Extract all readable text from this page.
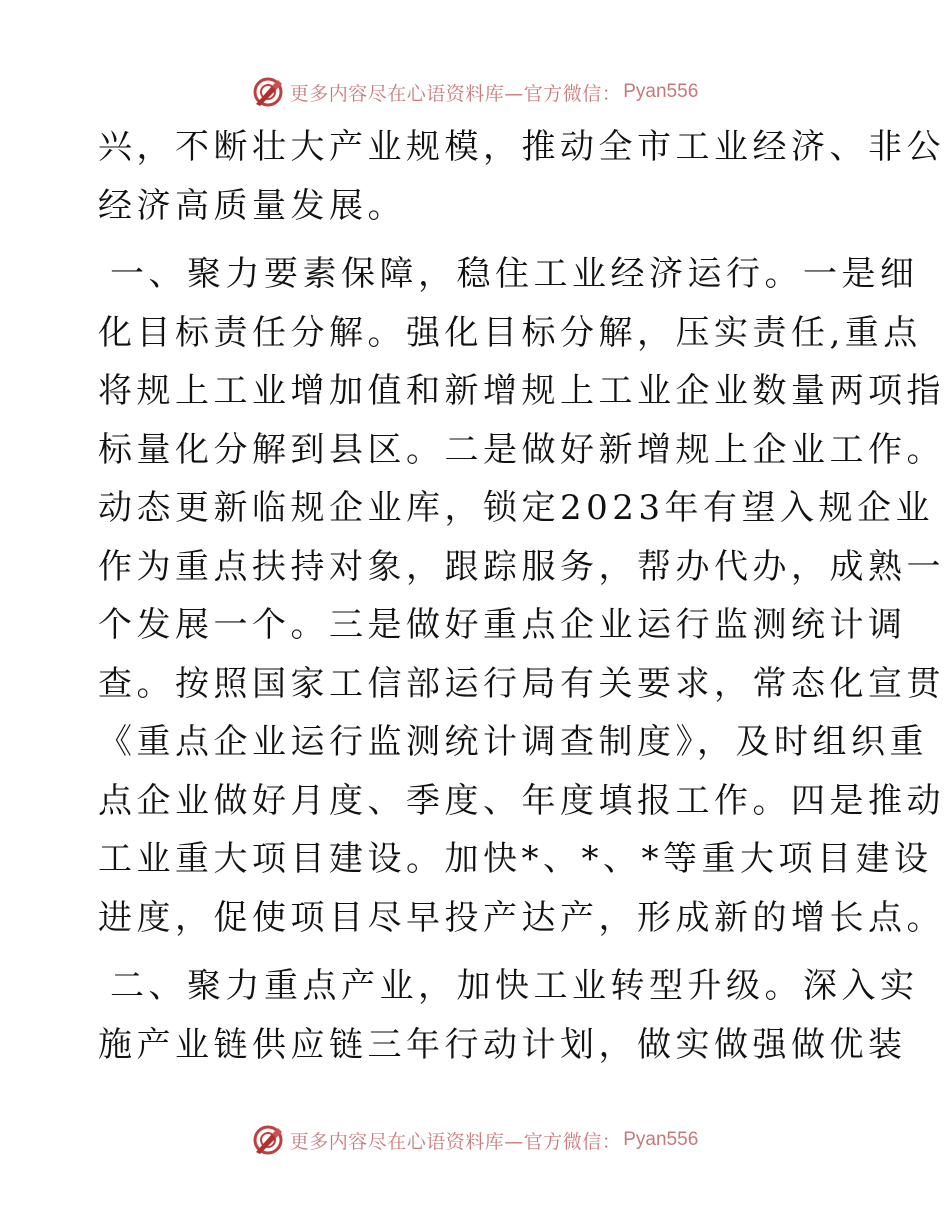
更多内容尽在心语资料库—官方微信： Pyan556
兴，不断壮大产业规模，推动全市工业经济、非公
经济高质量发展。
一、聚力要素保障，稳住工业经济运行。一是细
化目标责任分解。强化目标分解，压实责任,重点
将规上工业增加值和新增规上工业企业数量两项指
标量化分解到县区。二是做好新增规上企业工作。
动态更新临规企业库，锁定2023年有望入规企业
作为重点扶持对象，跟踪服务，帮办代办，成熟一
个发展一个。三是做好重点企业运行监测统计调
查。按照国家工信部运行局有关要求，常态化宣贯
《重点企业运行监测统计调查制度》，及时组织重
点企业做好月度、季度、年度填报工作。四是推动
工业重大项目建设。加快*、*、*等重大项目建设
进度，促使项目尽早投产达产，形成新的增长点。
二、聚力重点产业，加快工业转型升级。深入实
施产业链供应链三年行动计划，做实做强做优装
更多内容尽在心语资料库—官方微信： Pyan556
